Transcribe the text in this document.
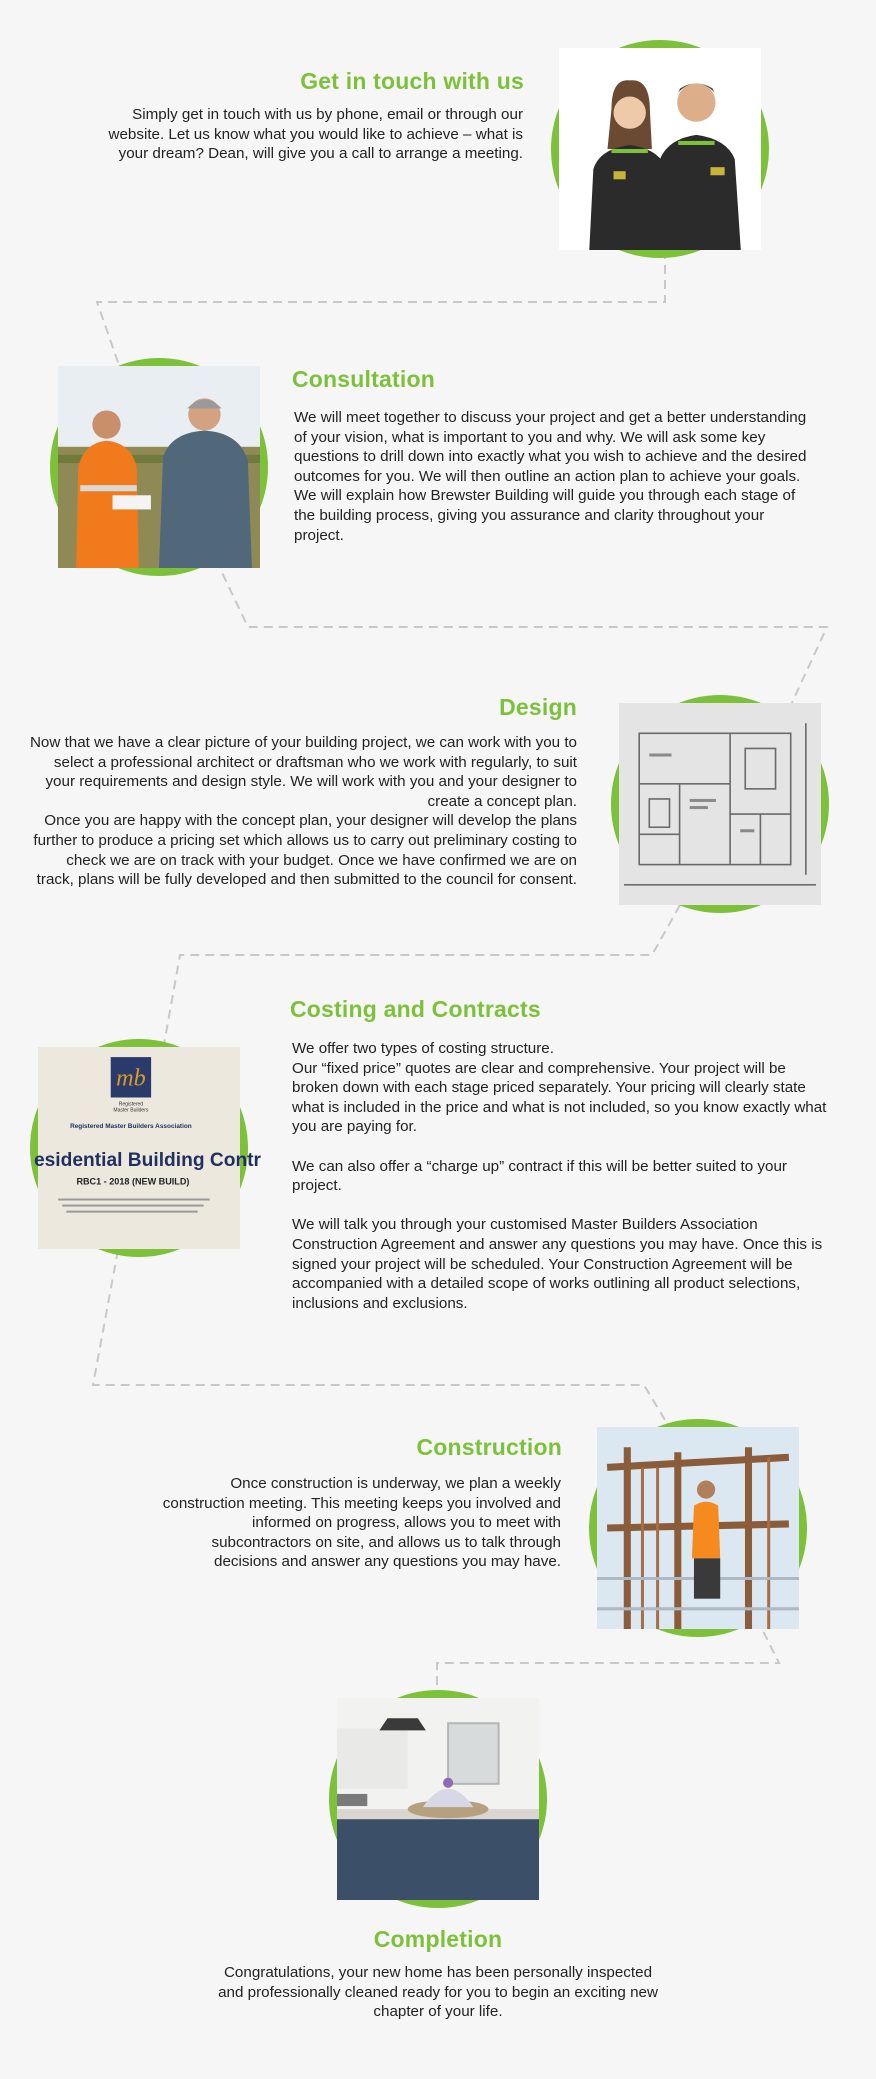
Get in touch with us

Simply get in touch with us by phone, email or through our website. Let us know what you would like to achieve – what is your dream? Dean, will give you a call to arrange a meeting.

Consultation

We will meet together to discuss your project and get a better understanding of your vision, what is important to you and why. We will ask some key questions to drill down into exactly what you wish to achieve and the desired outcomes for you. We will then outline an action plan to achieve your goals.

We will explain how Brewster Building will guide you through each stage of the building process, giving you assurance and clarity throughout your project.

Design

Now that we have a clear picture of your building project, we can work with you to select a professional architect or draftsman who we work with regularly, to suit your requirements and design style. We will work with you and your designer to create a concept plan.

Once you are happy with the concept plan, your designer will develop the plans further to produce a pricing set which allows us to carry out preliminary costing to check we are on track with your budget. Once we have confirmed we are on track, plans will be fully developed and then submitted to the council for consent.

Costing and Contracts

We offer two types of costing structure.

Our “fixed price” quotes are clear and comprehensive. Your project will be broken down with each stage priced separately. Your pricing will clearly state what is included in the price and what is not included, so you know exactly what you are paying for.

We can also offer a “charge up” contract if this will be better suited to your project.

We will talk you through your customised Master Builders Association Construction Agreement and answer any questions you may have. Once this is signed your project will be scheduled. Your Construction Agreement will be accompanied with a detailed scope of works outlining all product selections, inclusions and exclusions.

mb
Registered
Master Builders
Registered Master Builders Association
esidential Building Contr
RBC1 - 2018 (NEW BUILD)
Construction

Once construction is underway, we plan a weekly construction meeting. This meeting keeps you involved and informed on progress, allows you to meet with subcontractors on site, and allows us to talk through decisions and answer any questions you may have.

Completion

Congratulations, your new home has been personally inspected and professionally cleaned ready for you to begin an exciting new chapter of your life.
